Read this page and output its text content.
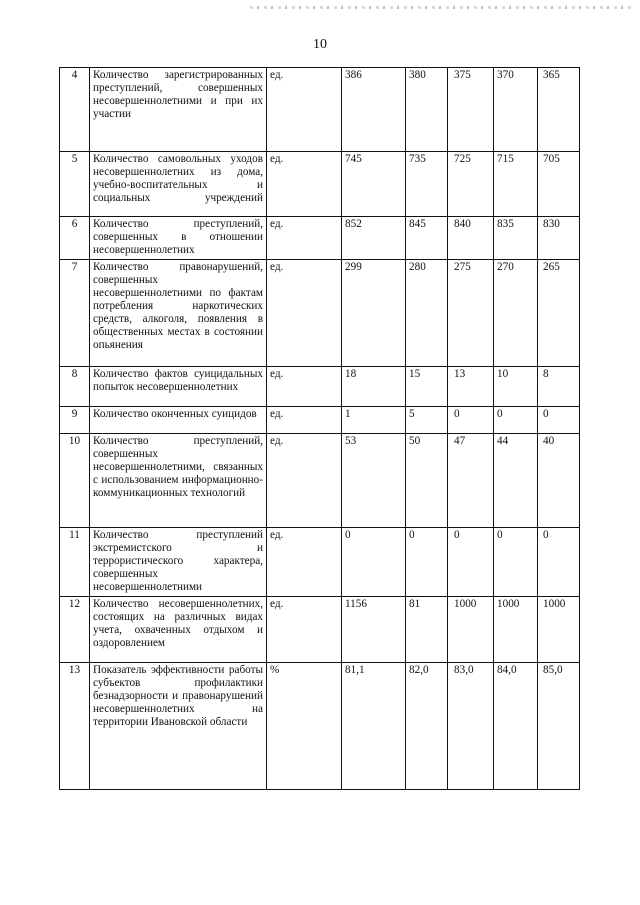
10
4	Количество зарегистрированных преступлений, совершенных несовершеннолетними и при их участии	ед.	386	380	375	370	365
5	Количество самовольных уходов несовершеннолетних из дома, учебно-воспитательных и социальных учреждений	ед.	745	735	725	715	705
6	Количество преступлений, совершенных в отношении несовершеннолетних	ед.	852	845	840	835	830
7	Количество правонарушений, совершенных несовершеннолетними по фактам потребления наркотических средств, алкоголя, появления в общественных местах в состоянии опьянения	ед.	299	280	275	270	265
8	Количество фактов суицидальных попыток несовершеннолетних	ед.	18	15	13	10	8
9	Количество оконченных суицидов	ед.	1	5	0	0	0
10	Количество преступлений, совершенных несовершеннолетними, связанных с использованием информационно-коммуникационных технологий	ед.	53	50	47	44	40
11	Количество преступлений экстремистского и террористического характера, совершенных несовершеннолетними	ед.	0	0	0	0	0
12	Количество несовершеннолетних, состоящих на различных видах учета, охваченных отдыхом и оздоровлением	ед.	1156	81	1000	1000	1000
13	Показатель эффективности работы субъектов профилактики безнадзорности и правонарушений несовершеннолетних на территории Ивановской области	%	81,1	82,0	83,0	84,0	85,0
